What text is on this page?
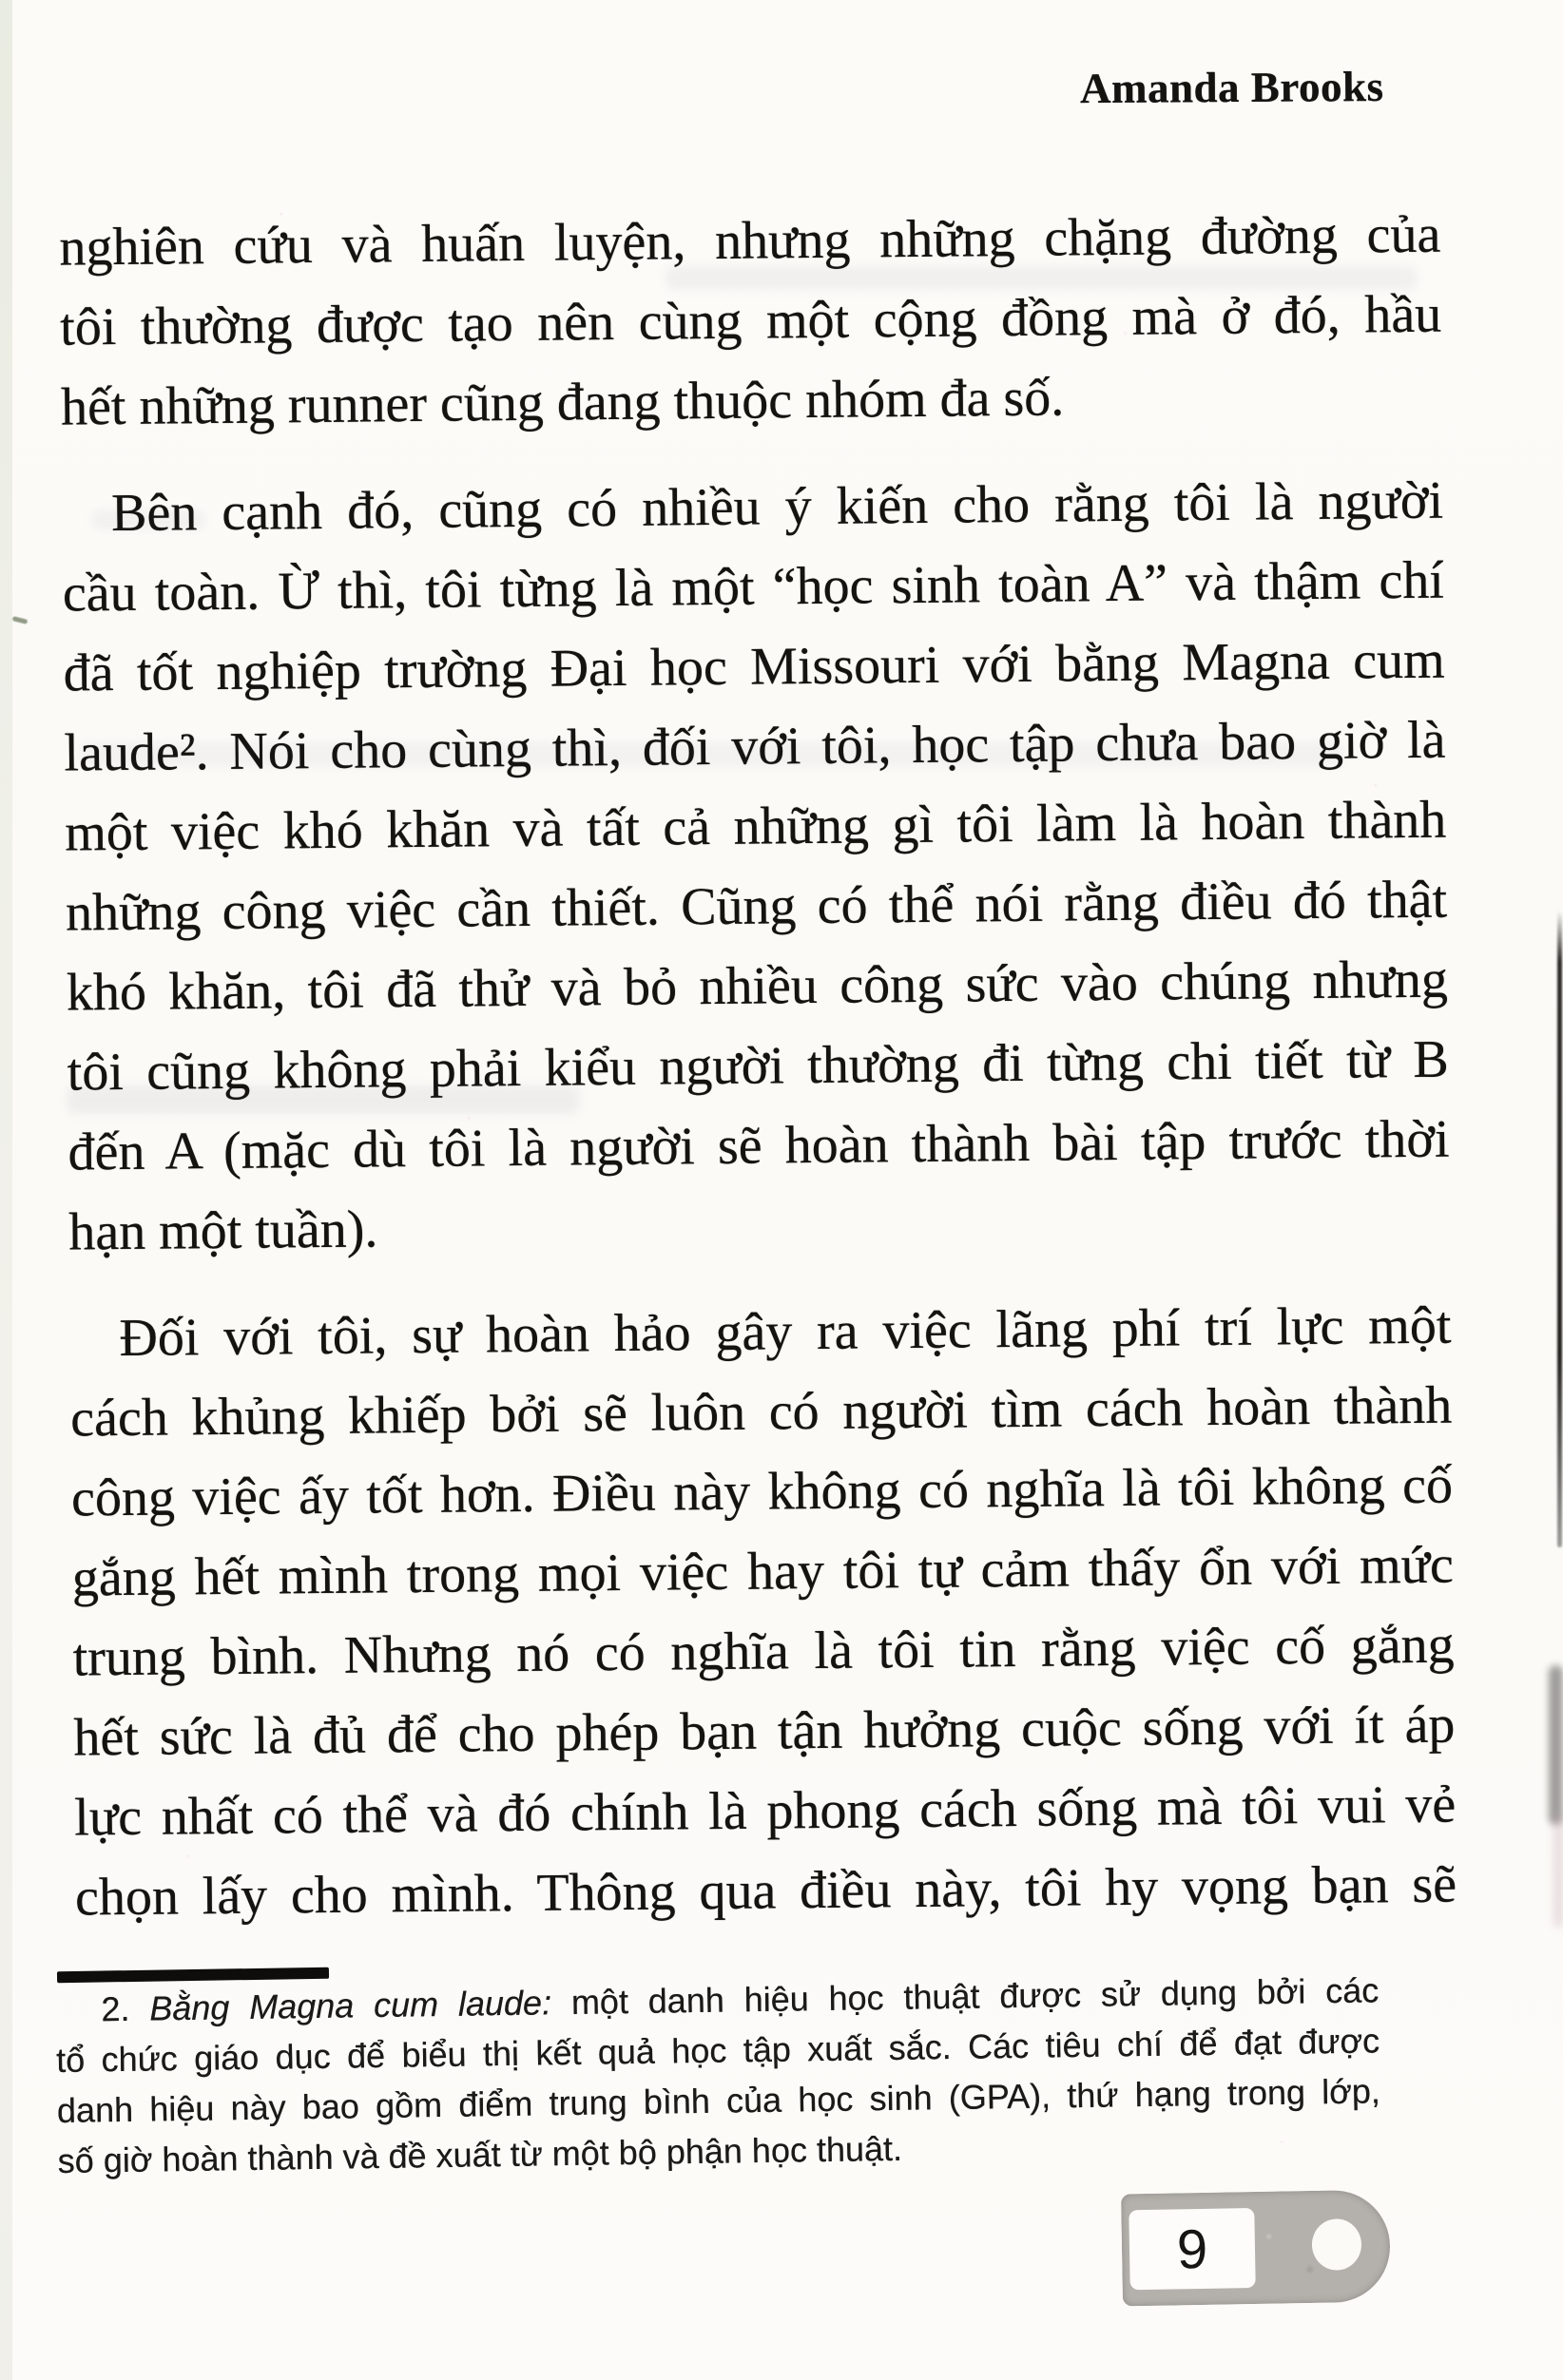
Amanda Brooks
nghiên cứu và huấn luyện, nhưng những chặng đường của
tôi thường được tạo nên cùng một cộng đồng mà ở đó, hầu
hết những runner cũng đang thuộc nhóm đa số.
Bên cạnh đó, cũng có nhiều ý kiến cho rằng tôi là người
cầu toàn. Ừ thì, tôi từng là một “học sinh toàn A” và thậm chí
đã tốt nghiệp trường Đại học Missouri với bằng Magna cum
laude². Nói cho cùng thì, đối với tôi, học tập chưa bao giờ là
một việc khó khăn và tất cả những gì tôi làm là hoàn thành
những công việc cần thiết. Cũng có thể nói rằng điều đó thật
khó khăn, tôi đã thử và bỏ nhiều công sức vào chúng nhưng
tôi cũng không phải kiểu người thường đi từng chi tiết từ B
đến A (mặc dù tôi là người sẽ hoàn thành bài tập trước thời
hạn một tuần).
Đối với tôi, sự hoàn hảo gây ra việc lãng phí trí lực một
cách khủng khiếp bởi sẽ luôn có người tìm cách hoàn thành
công việc ấy tốt hơn. Điều này không có nghĩa là tôi không cố
gắng hết mình trong mọi việc hay tôi tự cảm thấy ổn với mức
trung bình. Nhưng nó có nghĩa là tôi tin rằng việc cố gắng
hết sức là đủ để cho phép bạn tận hưởng cuộc sống với ít áp
lực nhất có thể và đó chính là phong cách sống mà tôi vui vẻ
chọn lấy cho mình. Thông qua điều này, tôi hy vọng bạn sẽ
2. Bằng Magna cum laude: một danh hiệu học thuật được sử dụng bởi các
tổ chức giáo dục để biểu thị kết quả học tập xuất sắc. Các tiêu chí để đạt được
danh hiệu này bao gồm điểm trung bình của học sinh (GPA), thứ hạng trong lớp,
số giờ hoàn thành và đề xuất từ một bộ phận học thuật.
9
